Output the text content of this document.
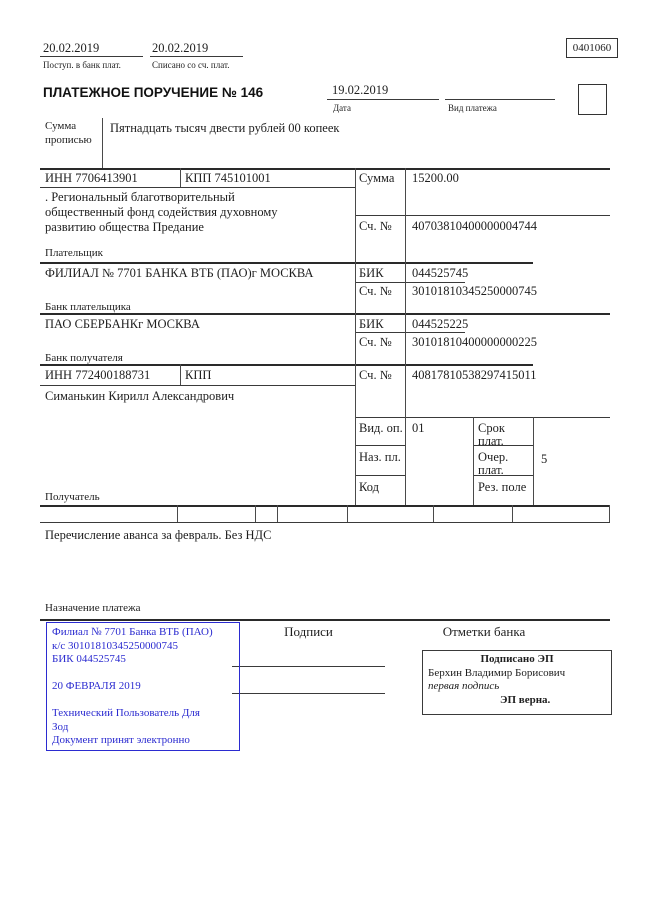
20.02.2019
Поступ. в банк плат.
20.02.2019
Списано со сч. плат.
0401060
ПЛАТЕЖНОЕ ПОРУЧЕНИЕ № 146	19.02.2019
Дата	Вид платежа
Сумма
прописью
Пятнадцать тысяч двести рублей 00 копеек
ИНН 7706413901	КПП 745101001	Сумма 15200.00
. Региональный благотворительный
общественный фонд содействия духовному
развитию общества Предание	Сч. № 40703810400000004744
Плательщик
ФИЛИАЛ № 7701 БАНКА ВТБ (ПАО)г МОСКВА	БИК 044525745
Сч. № 30101810345250000745
Банк плательщика
ПАО СБЕРБАНКг МОСКВА	БИК 044525225
Сч. № 30101810400000000225
Банк получателя
ИНН 772400188731	КПП	Сч. № 40817810538297415011
Симанькин Кирилл Александрович
Вид. оп. 01	Срок
плат.
Наз. пл.	Очер.
плат.
5
Код	Рез. поле
Получатель
Перечисление аванса за февраль. Без НДС
Назначение платежа
Подписи	Отметки банка
Филиал № 7701 Банка ВТБ (ПАО)
к/с 30101810345250000745
БИК 044525745
20 ФЕВРАЛЯ 2019
Технический Пользователь Для
Зод
Документ принят электронно
Подписано ЭП
Берхин Владимир Борисович
первая подпись
ЭП верна.
